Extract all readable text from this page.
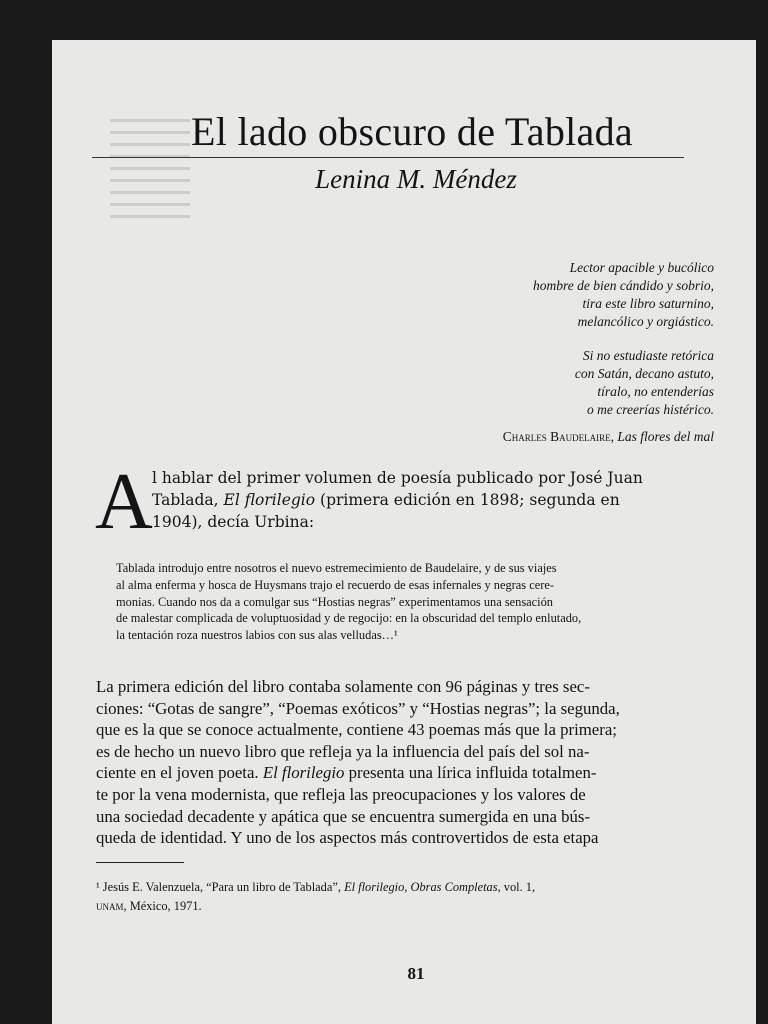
El lado obscuro de Tablada
Lenina M. Méndez
Lector apacible y bucólico
hombre de bien cándido y sobrio,
tira este libro saturnino,
melancólico y orgiástico.
Si no estudiaste retórica
con Satán, decano astuto,
tíralo, no entenderías
o me creerías histérico.
Charles Baudelaire, Las flores del mal
A l hablar del primer volumen de poesía publicado por José Juan
Tablada, El florilegio (primera edición en 1898; segunda en
1904), decía Urbina:
Tablada introdujo entre nosotros el nuevo estremecimiento de Baudelaire, y de sus viajes
al alma enferma y hosca de Huysmans trajo el recuerdo de esas infernales y negras cere-
monias. Cuando nos da a comulgar sus “Hostias negras” experimentamos una sensación
de malestar complicada de voluptuosidad y de regocijo: en la obscuridad del templo enlutado,
la tentación roza nuestros labios con sus alas velludas…¹
La primera edición del libro contaba solamente con 96 páginas y tres sec-
ciones: “Gotas de sangre”, “Poemas exóticos” y “Hostias negras”; la segunda,
que es la que se conoce actualmente, contiene 43 poemas más que la primera;
es de hecho un nuevo libro que refleja ya la influencia del país del sol na-
ciente en el joven poeta. El florilegio presenta una lírica influida totalmen-
te por la vena modernista, que refleja las preocupaciones y los valores de
una sociedad decadente y apática que se encuentra sumergida en una bús-
queda de identidad. Y uno de los aspectos más controvertidos de esta etapa
¹ Jesús E. Valenzuela, “Para un libro de Tablada”, El florilegio, Obras Completas, vol. 1,
unam, México, 1971.
81
